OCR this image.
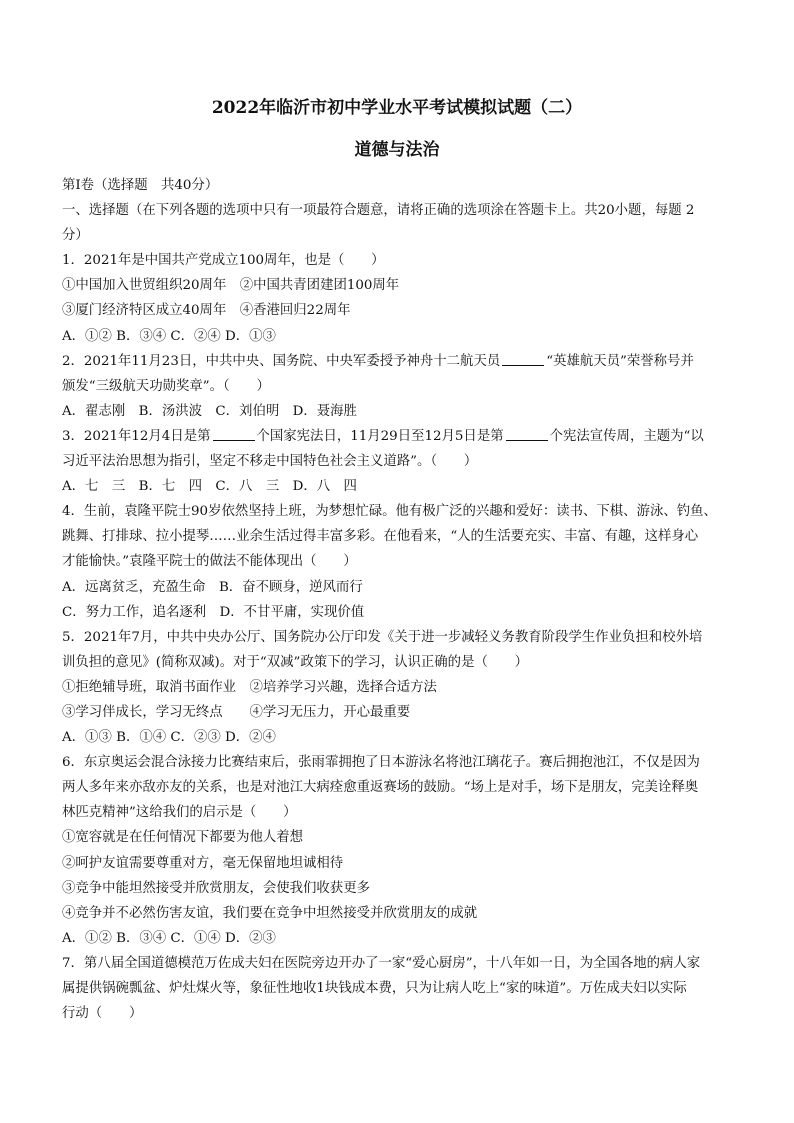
2022年临沂市初中学业水平考试模拟试题（二）

道德与法治

第Ⅰ卷（选择题　共40分）

一、选择题（在下列各题的选项中只有一项最符合题意，请将正确的选项涂在答题卡上。共20小题，每题 2

分）

1．2021年是中国共产党成立100周年，也是（　　）

①中国加入世贸组织20周年　②中国共青团建团100周年

③厦门经济特区成立40周年　④香港回归22周年

A．①② B．③④ C．②④ D．①③

2．2021年11月23日，中共中央、国务院、中央军委授予神舟十二航天员	“英雄航天员”荣誉称号并

颁发“三级航天功勋奖章”。（　　）

A．翟志刚　B．汤洪波　C．刘伯明　D．聂海胜

3．2021年12月4日是第	个国家宪法日，11月29日至12月5日是第	个宪法宣传周，主题为“以

习近平法治思想为指引，坚定不移走中国特色社会主义道路”。（　　）

A．七　三　B．七　四　C．八　三　D．八　四

4．生前，袁隆平院士90岁依然坚持上班，为梦想忙碌。他有极广泛的兴趣和爱好：读书、下棋、游泳、钓鱼、

跳舞、打排球、拉小提琴……业余生活过得丰富多彩。在他看来，“人的生活要充实、丰富、有趣，这样身心

才能愉快。”袁隆平院士的做法不能体现出（　　）

A．远离贫乏，充盈生命　B．奋不顾身，逆风而行

C．努力工作，追名逐利　D．不甘平庸，实现价值

5．2021年7月，中共中央办公厅、国务院办公厅印发《关于进一步减轻义务教育阶段学生作业负担和校外培

训负担的意见》(简称双减)。对于“双减”政策下的学习，认识正确的是（　　）

①拒绝辅导班，取消书面作业　②培养学习兴趣，选择合适方法

③学习伴成长，学习无终点　　④学习无压力，开心最重要

A．①③ B．①④ C．②③ D．②④

6．东京奥运会混合泳接力比赛结束后，张雨霏拥抱了日本游泳名将池江璃花子。赛后拥抱池江，不仅是因为

两人多年来亦敌亦友的关系，也是对池江大病痊愈重返赛场的鼓励。“场上是对手，场下是朋友，完美诠释奥

林匹克精神”这给我们的启示是（　　）

①宽容就是在任何情况下都要为他人着想

②呵护友谊需要尊重对方，毫无保留地坦诚相待

③竞争中能坦然接受并欣赏朋友，会使我们收获更多

④竞争并不必然伤害友谊，我们要在竞争中坦然接受并欣赏朋友的成就

A．①② B．③④ C．①④ D．②③

7．第八届全国道德模范万佐成夫妇在医院旁边开办了一家“爱心厨房”，十八年如一日，为全国各地的病人家

属提供锅碗瓢盆、炉灶煤火等，象征性地收1块钱成本费，只为让病人吃上“家的味道”。万佐成夫妇以实际

行动（　　）
